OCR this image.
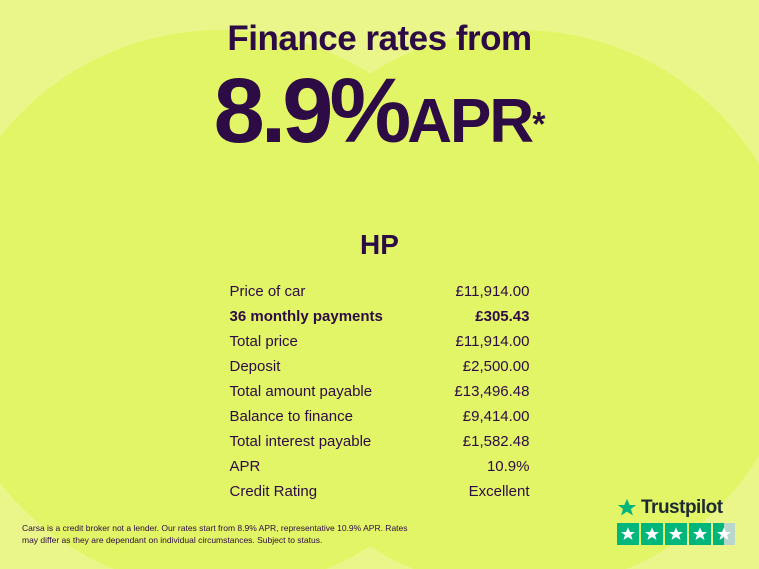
Finance rates from
8.9%APR*
HP
Price of car	£11,914.00
36 monthly payments	£305.43
Total price	£11,914.00
Deposit	£2,500.00
Total amount payable	£13,496.48
Balance to finance	£9,414.00
Total interest payable	£1,582.48
APR	10.9%
Credit Rating	Excellent
Carsa is a credit broker not a lender. Our rates start from 8.9% APR, representative 10.9% APR. Rates may differ as they are dependant on individual circumstances. Subject to status.
Trustpilot
